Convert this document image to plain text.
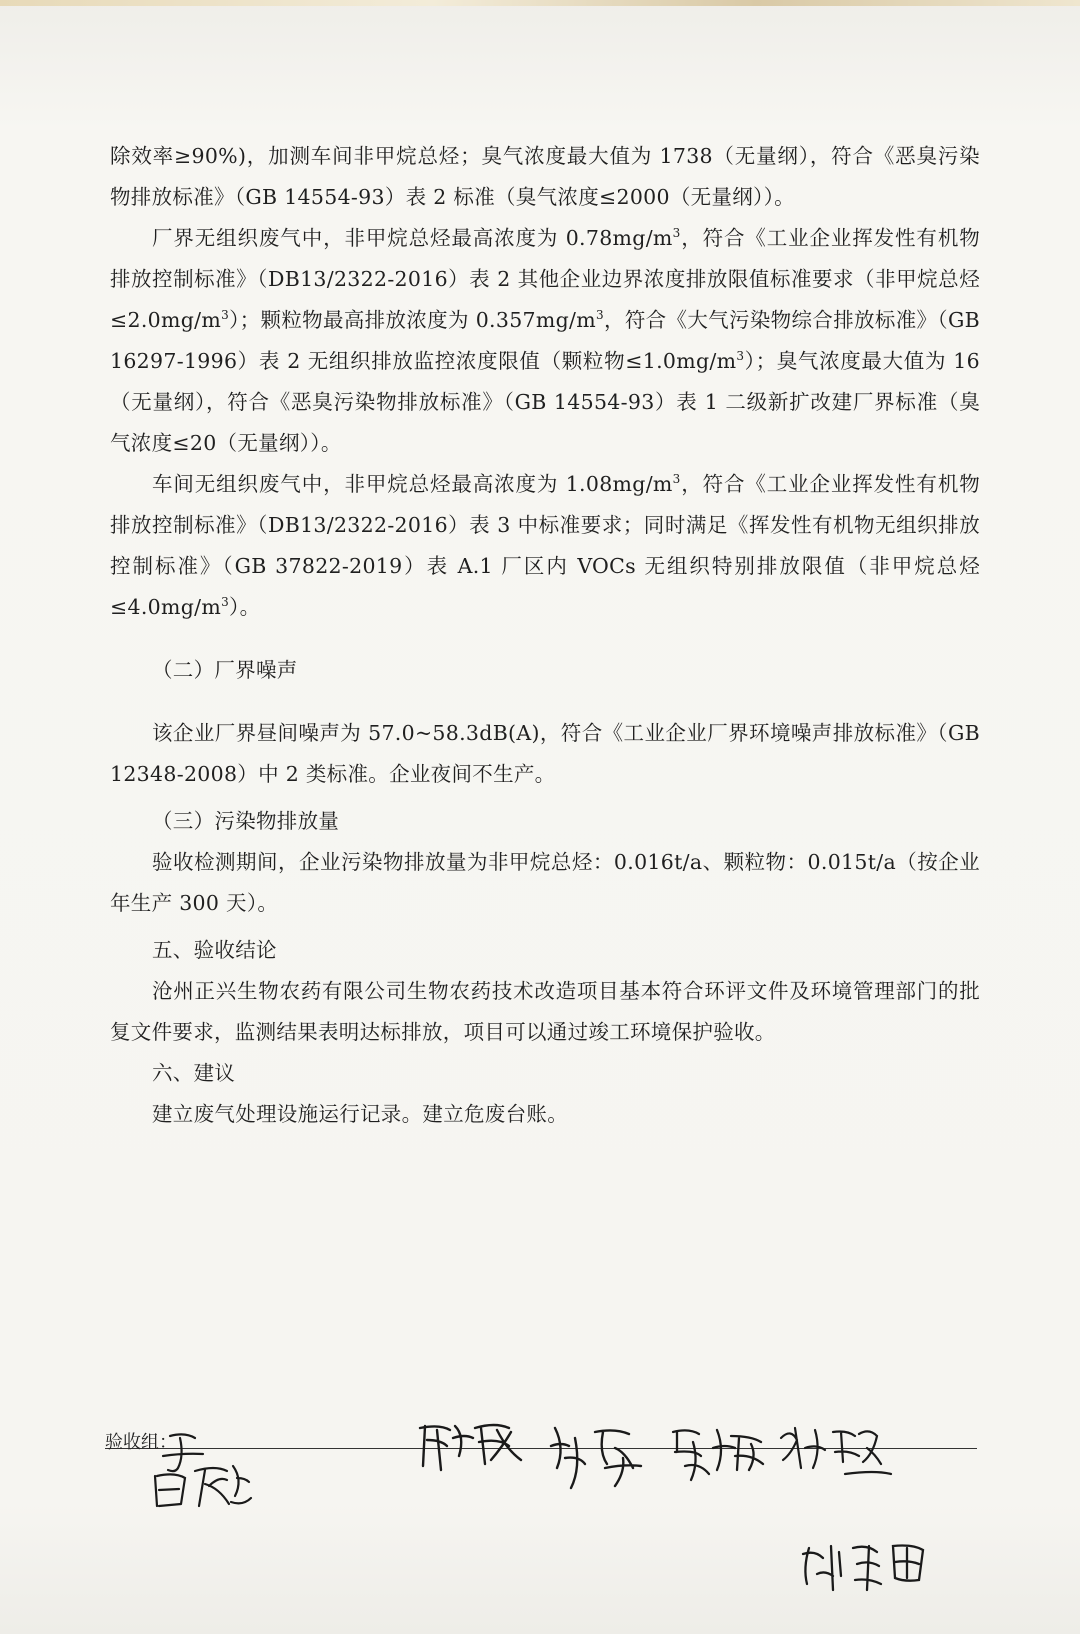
除效率≥90%)，加测车间非甲烷总烃；臭气浓度最大值为 1738（无量纲），符合《恶臭污染物排放标准》（GB 14554-93）表 2 标准（臭气浓度≤2000（无量纲））。

厂界无组织废气中，非甲烷总烃最高浓度为 $0.78mg/m^3$，符合《工业企业挥发性有机物排放控制标准》（DB13/2322-2016）表 2 其他企业边界浓度排放限值标准要求（非甲烷总烃$\le 2.0mg/m^3$）；颗粒物最高排放浓度为 $0.357mg/m^3$，符合《大气污染物综合排放标准》（GB 16297-1996）表 2 无组织排放监控浓度限值（颗粒物$\le 1.0mg/m^3$）；臭气浓度最大值为 16（无量纲），符合《恶臭污染物排放标准》（GB 14554-93）表 1 二级新扩改建厂界标准（臭气浓度≤20（无量纲））。

车间无组织废气中，非甲烷总烃最高浓度为 $1.08mg/m^3$，符合《工业企业挥发性有机物排放控制标准》（DB13/2322-2016）表 3 中标准要求；同时满足《挥发性有机物无组织排放控制标准》（GB 37822-2019）表 A.1 厂区内 VOCs 无组织特别排放限值（非甲烷总烃$\le 4.0mg/m^3$）。

（二）厂界噪声

该企业厂界昼间噪声为 57.0~58.3dB(A)，符合《工业企业厂界环境噪声排放标准》（GB 12348-2008）中 2 类标准。企业夜间不生产。

（三）污染物排放量

验收检测期间，企业污染物排放量为非甲烷总烃：0.016t/a、颗粒物：0.015t/a（按企业年生产 300 天）。

五、验收结论

沧州正兴生物农药有限公司生物农药技术改造项目基本符合环评文件及环境管理部门的批复文件要求，监测结果表明达标排放，项目可以通过竣工环境保护验收。

六、建议

建立废气处理设施运行记录。建立危废台账。

验收组：
